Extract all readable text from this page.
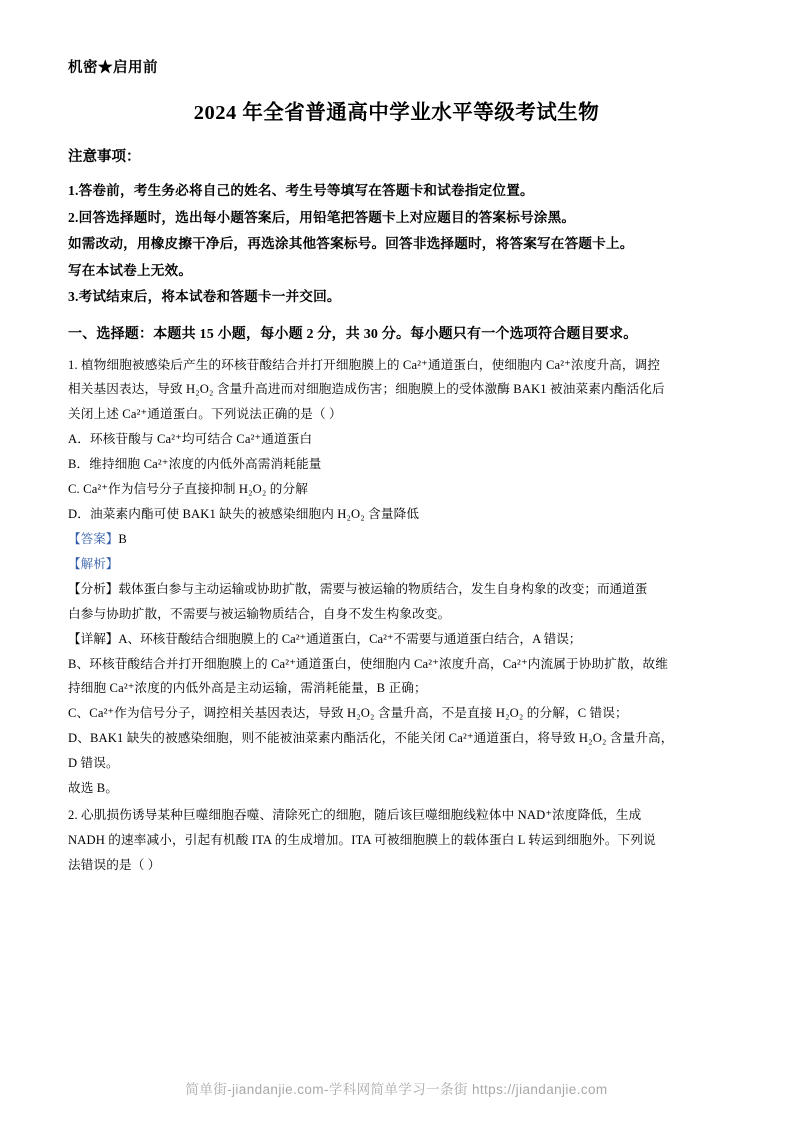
机密★启用前
2024 年全省普通高中学业水平等级考试生物
注意事项：
1.答卷前，考生务必将自己的姓名、考生号等填写在答题卡和试卷指定位置。
2.回答选择题时，选出每小题答案后，用铅笔把答题卡上对应题目的答案标号涂黑。
如需改动，用橡皮擦干净后，再选涂其他答案标号。回答非选择题时，将答案写在答题卡上。
写在本试卷上无效。
3.考试结束后，将本试卷和答题卡一并交回。
一、选择题：本题共 15 小题，每小题 2 分，共 30 分。每小题只有一个选项符合题目要求。
1. 植物细胞被感染后产生的环核苷酸结合并打开细胞膜上的 Ca²⁺通道蛋白，使细胞内 Ca²⁺浓度升高，调控
相关基因表达，导致 H₂O₂ 含量升高进而对细胞造成伤害；细胞膜上的受体激酶 BAK1 被油菜素内酯活化后
关闭上述 Ca²⁺通道蛋白。下列说法正确的是（ ）
A．环核苷酸与 Ca²⁺均可结合 Ca²⁺通道蛋白
B．维持细胞 Ca²⁺浓度的内低外高需消耗能量
C. Ca²⁺作为信号分子直接抑制 H₂O₂ 的分解
D．油菜素内酯可使 BAK1 缺失的被感染细胞内 H₂O₂ 含量降低
【答案】B
【解析】
【分析】载体蛋白参与主动运输或协助扩散，需要与被运输的物质结合，发生自身构象的改变；而通道蛋
白参与协助扩散，不需要与被运输物质结合，自身不发生构象改变。
【详解】A、环核苷酸结合细胞膜上的 Ca²⁺通道蛋白，Ca²⁺不需要与通道蛋白结合，A 错误；
B、环核苷酸结合并打开细胞膜上的 Ca²⁺通道蛋白，使细胞内 Ca²⁺浓度升高，Ca²⁺内流属于协助扩散，故维
持细胞 Ca²⁺浓度的内低外高是主动运输，需消耗能量，B 正确；
C、Ca²⁺作为信号分子，调控相关基因表达，导致 H₂O₂ 含量升高，不是直接 H₂O₂ 的分解，C 错误；
D、BAK1 缺失的被感染细胞，则不能被油菜素内酯活化，不能关闭 Ca²⁺通道蛋白，将导致 H₂O₂ 含量升高，
D 错误。
故选 B。
2. 心肌损伤诱导某种巨噬细胞吞噬、清除死亡的细胞，随后该巨噬细胞线粒体中 NAD⁺浓度降低，生成
NADH 的速率减小，引起有机酸 ITA 的生成增加。ITA 可被细胞膜上的载体蛋白 L 转运到细胞外。下列说
法错误的是（ ）
简单街-jiandanjie.com-学科网简单学习一条街 https://jiandanjie.com
